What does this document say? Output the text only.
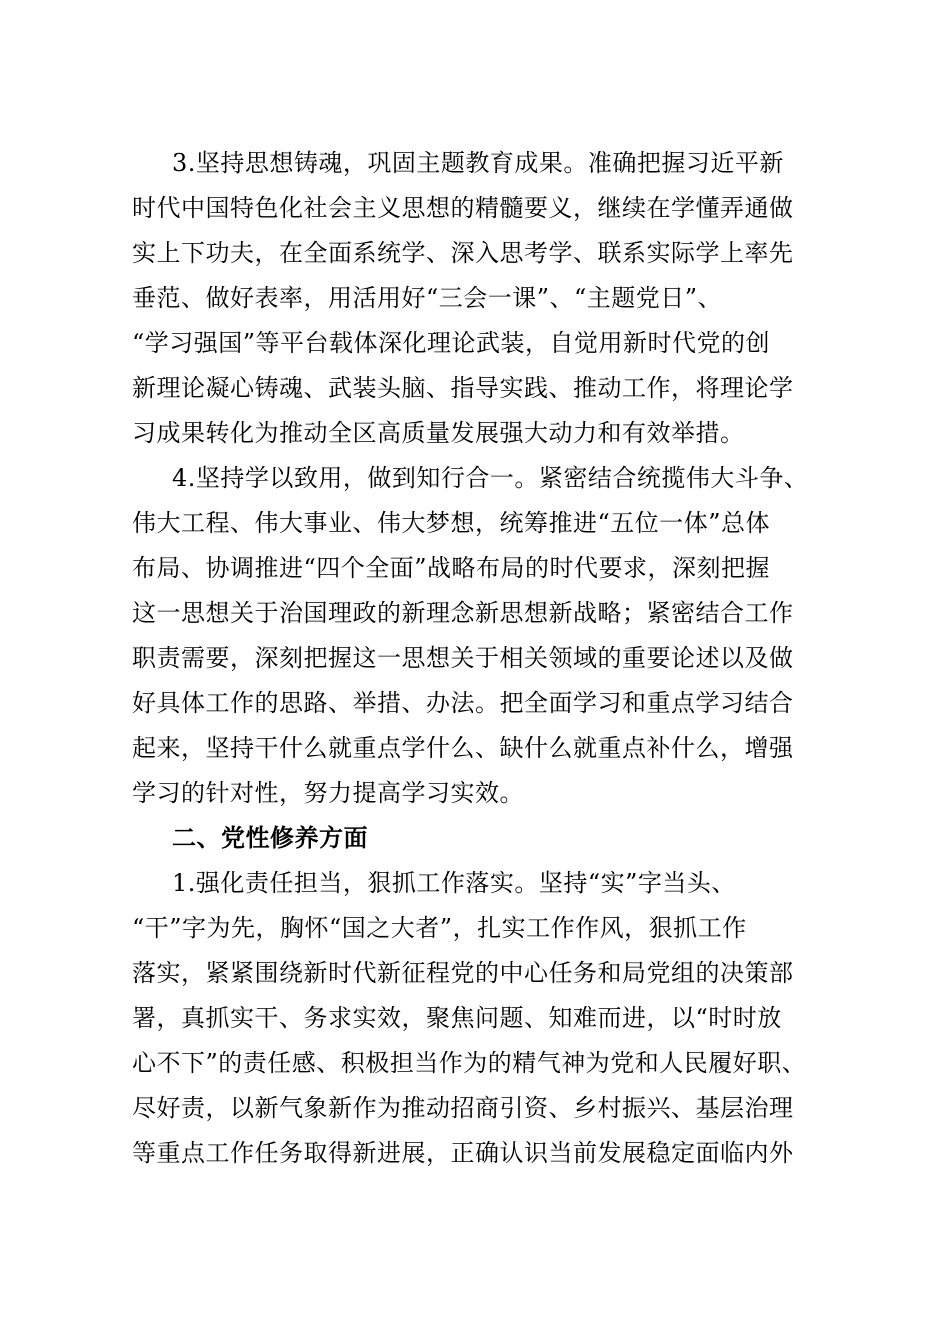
3.坚持思想铸魂，巩固主题教育成果。准确把握习近平新
时代中国特色化社会主义思想的精髓要义，继续在学懂弄通做
实上下功夫，在全面系统学、深入思考学、联系实际学上率先
垂范、做好表率，用活用好“三会一课”、“主题党日”、
“学习强国”等平台载体深化理论武装，自觉用新时代党的创
新理论凝心铸魂、武装头脑、指导实践、推动工作，将理论学
习成果转化为推动全区高质量发展强大动力和有效举措。
4.坚持学以致用，做到知行合一。紧密结合统揽伟大斗争、
伟大工程、伟大事业、伟大梦想，统筹推进“五位一体”总体
布局、协调推进“四个全面”战略布局的时代要求，深刻把握
这一思想关于治国理政的新理念新思想新战略；紧密结合工作
职责需要，深刻把握这一思想关于相关领域的重要论述以及做
好具体工作的思路、举措、办法。把全面学习和重点学习结合
起来，坚持干什么就重点学什么、缺什么就重点补什么，增强
学习的针对性，努力提高学习实效。
二、党性修养方面
1.强化责任担当，狠抓工作落实。坚持“实”字当头、
“干”字为先，胸怀“国之大者”，扎实工作作风，狠抓工作
落实，紧紧围绕新时代新征程党的中心任务和局党组的决策部
署，真抓实干、务求实效，聚焦问题、知难而进，以“时时放
心不下”的责任感、积极担当作为的精气神为党和人民履好职、
尽好责，以新气象新作为推动招商引资、乡村振兴、基层治理
等重点工作任务取得新进展，正确认识当前发展稳定面临内外
